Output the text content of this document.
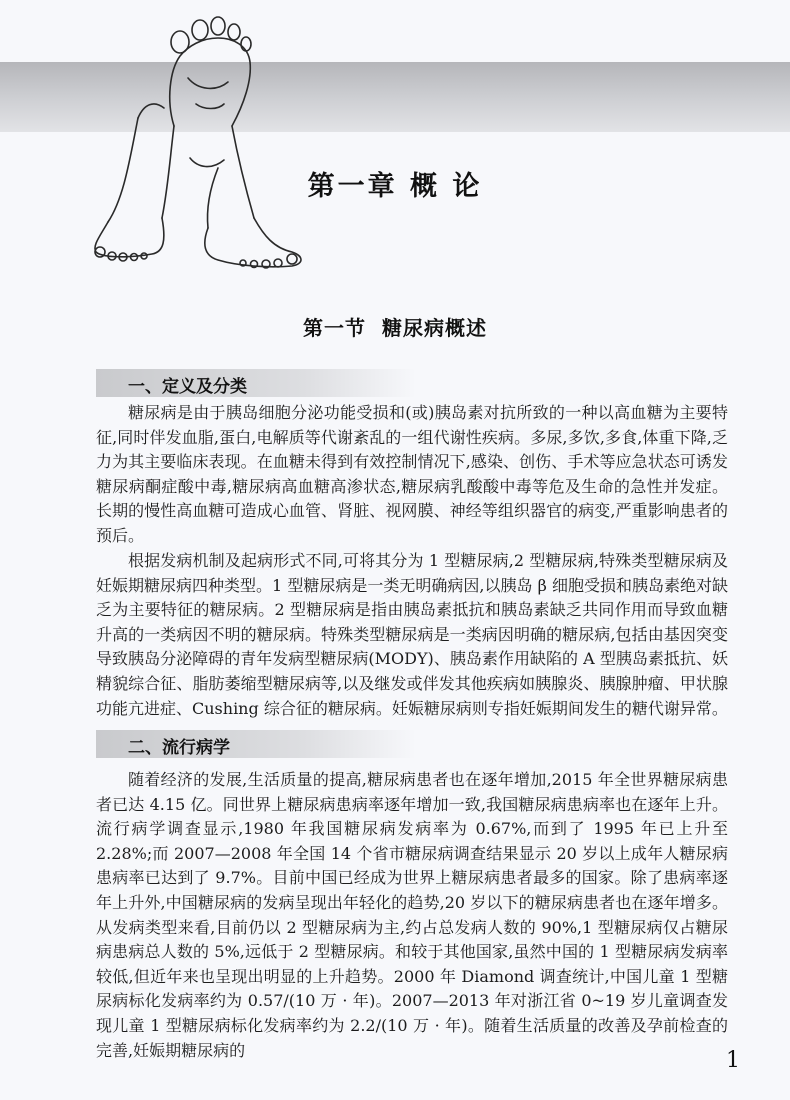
第一章 概 论
第一节 糖尿病概述
一、定义及分类

糖尿病是由于胰岛细胞分泌功能受损和(或)胰岛素对抗所致的一种以高血糖为主要特征,同时伴发血脂,蛋白,电解质等代谢紊乱的一组代谢性疾病。多尿,多饮,多食,体重下降,乏力为其主要临床表现。在血糖未得到有效控制情况下,感染、创伤、手术等应急状态可诱发糖尿病酮症酸中毒,糖尿病高血糖高渗状态,糖尿病乳酸酸中毒等危及生命的急性并发症。长期的慢性高血糖可造成心血管、肾脏、视网膜、神经等组织器官的病变,严重影响患者的预后。

根据发病机制及起病形式不同,可将其分为 1 型糖尿病,2 型糖尿病,特殊类型糖尿病及妊娠期糖尿病四种类型。1 型糖尿病是一类无明确病因,以胰岛 β 细胞受损和胰岛素绝对缺乏为主要特征的糖尿病。2 型糖尿病是指由胰岛素抵抗和胰岛素缺乏共同作用而导致血糖升高的一类病因不明的糖尿病。特殊类型糖尿病是一类病因明确的糖尿病,包括由基因突变导致胰岛分泌障碍的青年发病型糖尿病(MODY)、胰岛素作用缺陷的 A 型胰岛素抵抗、妖精貌综合征、脂肪萎缩型糖尿病等,以及继发或伴发其他疾病如胰腺炎、胰腺肿瘤、甲状腺功能亢进症、Cushing 综合征的糖尿病。妊娠糖尿病则专指妊娠期间发生的糖代谢异常。

二、流行病学

随着经济的发展,生活质量的提高,糖尿病患者也在逐年增加,2015 年全世界糖尿病患者已达 4.15 亿。同世界上糖尿病患病率逐年增加一致,我国糖尿病患病率也在逐年上升。流行病学调查显示,1980 年我国糖尿病发病率为 0.67%,而到了 1995 年已上升至 2.28%;而 2007—2008 年全国 14 个省市糖尿病调查结果显示 20 岁以上成年人糖尿病患病率已达到了 9.7%。目前中国已经成为世界上糖尿病患者最多的国家。除了患病率逐年上升外,中国糖尿病的发病呈现出年轻化的趋势,20 岁以下的糖尿病患者也在逐年增多。从发病类型来看,目前仍以 2 型糖尿病为主,约占总发病人数的 90%,1 型糖尿病仅占糖尿病患病总人数的 5%,远低于 2 型糖尿病。和较于其他国家,虽然中国的 1 型糖尿病发病率较低,但近年来也呈现出明显的上升趋势。2000 年 Diamond 调查统计,中国儿童 1 型糖尿病标化发病率约为 0.57/(10 万 · 年)。2007—2013 年对浙江省 0~19 岁儿童调查发现儿童 1 型糖尿病标化发病率约为 2.2/(10 万 · 年)。随着生活质量的改善及孕前检查的完善,妊娠期糖尿病的	1
